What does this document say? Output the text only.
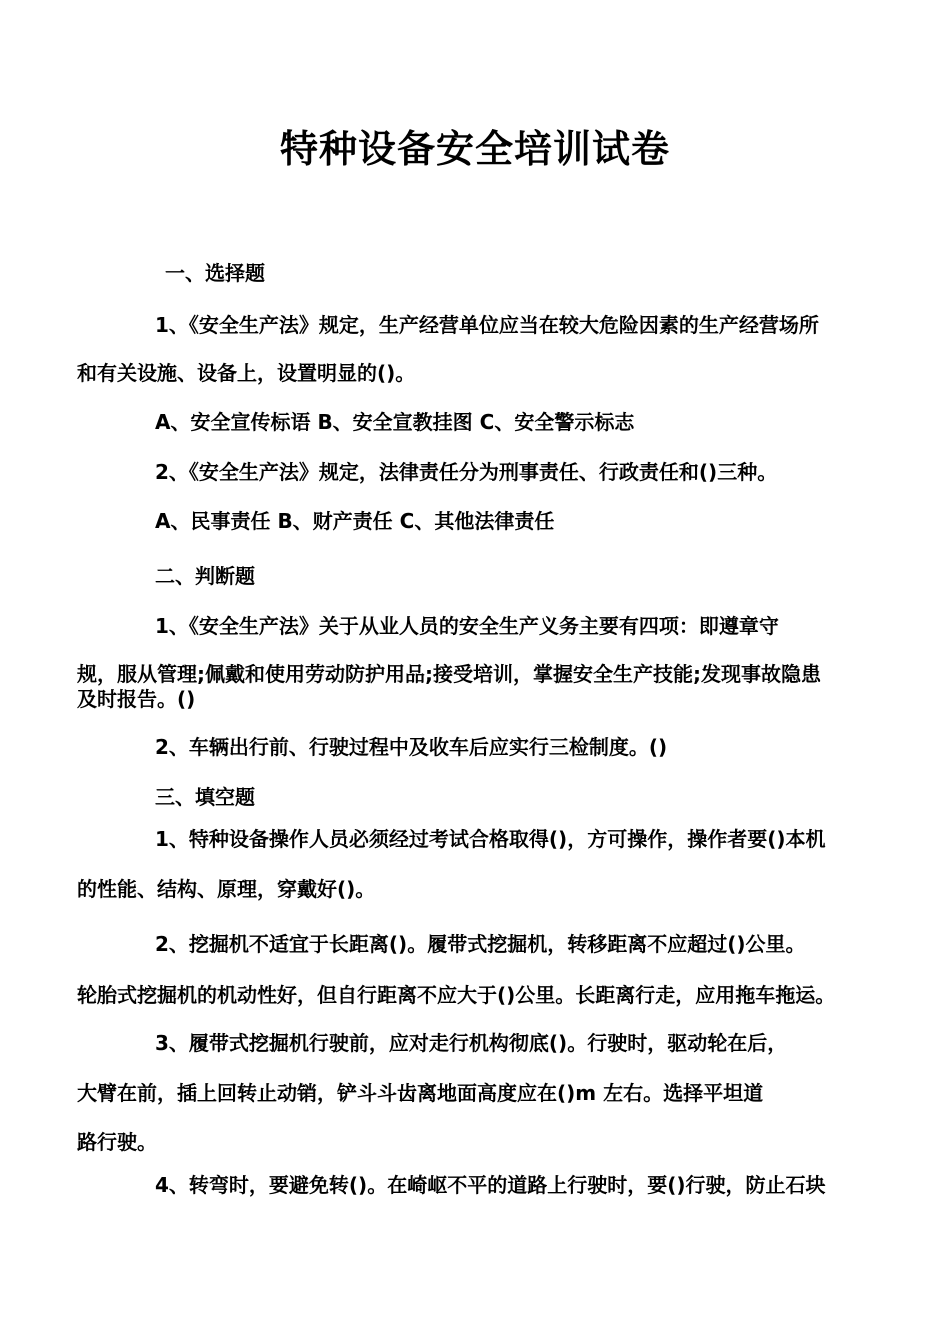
特种设备安全培训试卷
一、选择题
1、《安全生产法》规定，生产经营单位应当在较大危险因素的生产经营场所
和有关设施、设备上，设置明显的()。
A、安全宣传标语 B、安全宣教挂图 C、安全警示标志
2、《安全生产法》规定，法律责任分为刑事责任、行政责任和()三种。
A、民事责任 B、财产责任 C、其他法律责任
二、判断题
1、《安全生产法》关于从业人员的安全生产义务主要有四项：即遵章守
规，服从管理;佩戴和使用劳动防护用品;接受培训，掌握安全生产技能;发现事故隐患
及时报告。()
2、车辆出行前、行驶过程中及收车后应实行三检制度。()
三、填空题
1、特种设备操作人员必须经过考试合格取得()，方可操作，操作者要()本机
的性能、结构、原理，穿戴好()。
2、挖掘机不适宜于长距离()。履带式挖掘机，转移距离不应超过()公里。
轮胎式挖掘机的机动性好，但自行距离不应大于()公里。长距离行走，应用拖车拖运。
3、履带式挖掘机行驶前，应对走行机构彻底()。行驶时，驱动轮在后，
大臂在前，插上回转止动销，铲斗斗齿离地面高度应在()m 左右。选择平坦道
路行驶。
4、转弯时，要避免转()。在崎岖不平的道路上行驶时，要()行驶，防止石块
